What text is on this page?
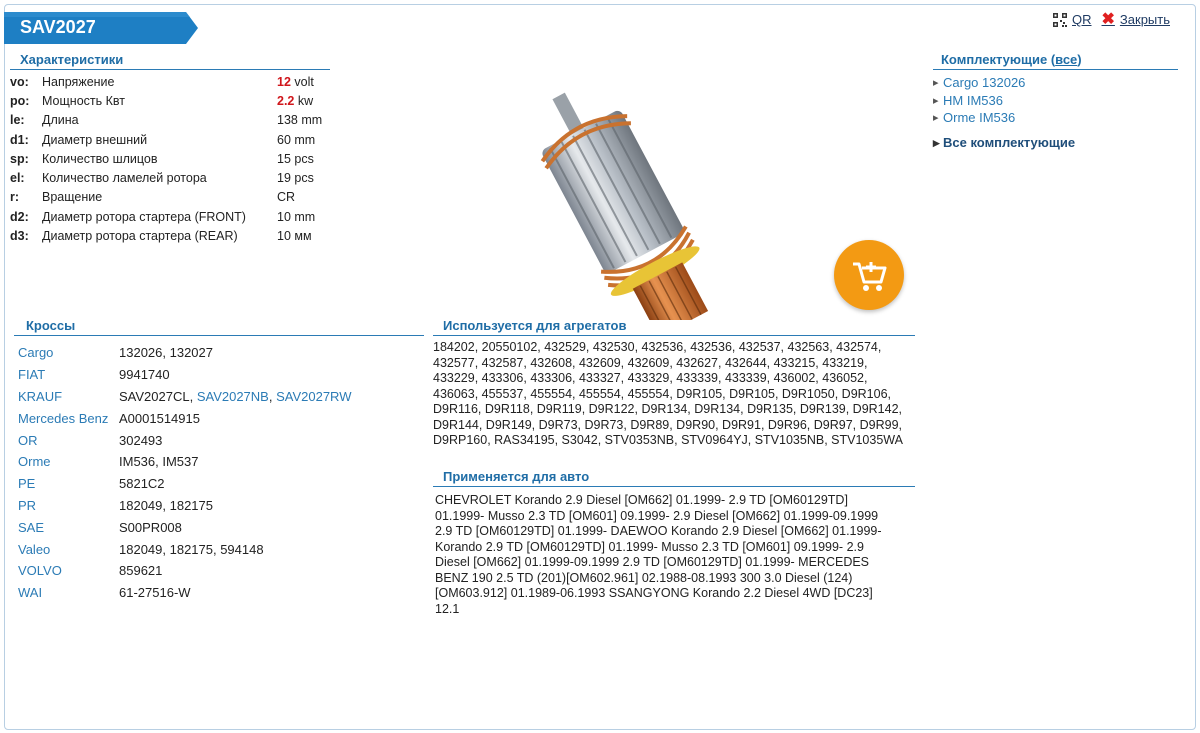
SAV2027	QR ✖ Закрыть
Характеристики
vo:	Напряжение	12 volt
po:	Мощность Квт	2.2 kw
le:	Длина	138 mm
d1:	Диаметр внешний	60 mm
sp:	Количество шлицов	15 pcs
el:	Количество ламелей ротора	19 pcs
r:	Вращение	CR
d2:	Диаметр ротора стартера (FRONT)	10 mm
d3:	Диаметр ротора стартера (REAR)	10 мм
Комплектующие (все)
▸ Cargo 132026
▸ HM IM536
▸ Orme IM536
▸ Все комплектующие
Кроссы
Cargo	132026, 132027
FIAT	9941740
KRAUF	SAV2027CL, SAV2027NB, SAV2027RW
Mercedes Benz A0001514915
OR	302493
Orme	IM536, IM537
PE	5821C2
PR	182049, 182175
SAE	S00PR008
Valeo	182049, 182175, 594148
VOLVO	859621
WAI	61-27516-W
Используется для агрегатов
184202, 20550102, 432529, 432530, 432536, 432536, 432537, 432563, 432574, 432577, 432587, 432608, 432609, 432609, 432627, 432644, 433215, 433219, 433229, 433306, 433306, 433327, 433329, 433339, 433339, 436002, 436052, 436063, 455537, 455554, 455554, 455554, D9R105, D9R105, D9R1050, D9R106, D9R116, D9R118, D9R119, D9R122, D9R134, D9R134, D9R135, D9R139, D9R142, D9R144, D9R149, D9R73, D9R73, D9R89, D9R90, D9R91, D9R96, D9R97, D9R99, D9RP160, RAS34195, S3042, STV0353NB, STV0964YJ, STV1035NB, STV1035WA
Применяется для авто
CHEVROLET Korando 2.9 Diesel [OM662] 01.1999- 2.9 TD [OM60129TD] 01.1999- Musso 2.3 TD [OM601] 09.1999- 2.9 Diesel [OM662] 01.1999-09.1999 2.9 TD [OM60129TD] 01.1999- DAEWOO Korando 2.9 Diesel [OM662] 01.1999- Korando 2.9 TD [OM60129TD] 01.1999- Musso 2.3 TD [OM601] 09.1999- 2.9 Diesel [OM662] 01.1999-09.1999 2.9 TD [OM60129TD] 01.1999- MERCEDES BENZ 190 2.5 TD (201)[OM602.961] 02.1988-08.1993 300 3.0 Diesel (124)[OM603.912] 01.1989-06.1993 SSANGYONG Korando 2.2 Diesel 4WD [DC23] 12.1
